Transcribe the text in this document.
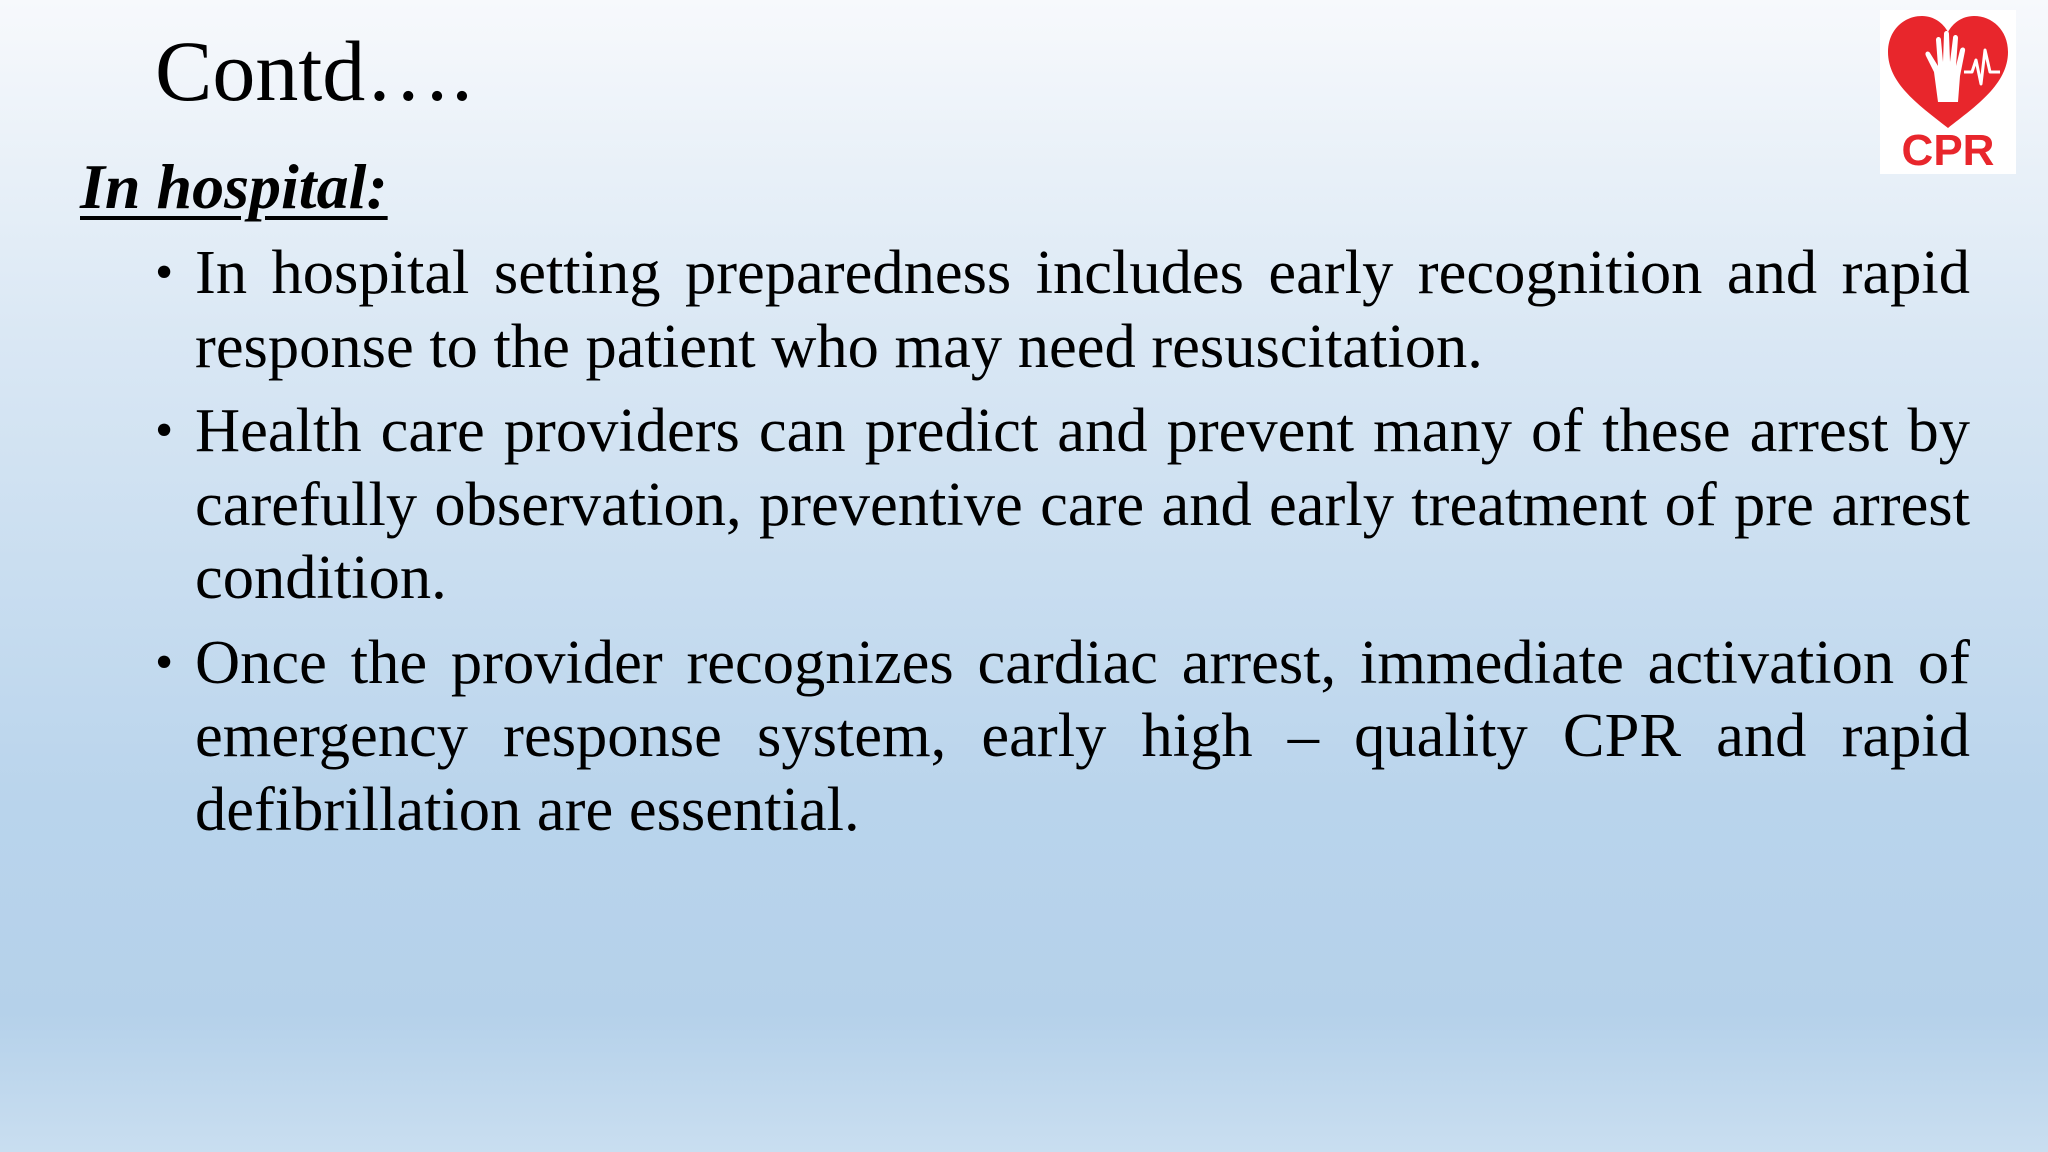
Contd….
In hospital:
• In hospital setting preparedness includes early recognition and rapid response to the patient who may need resuscitation.
• Health care providers can predict and prevent many of these arrest by carefully observation, preventive care and early treatment of pre arrest condition.
• Once the provider recognizes cardiac arrest, immediate activation of emergency response system, early high – quality CPR and rapid defibrillation are essential.
CPR
